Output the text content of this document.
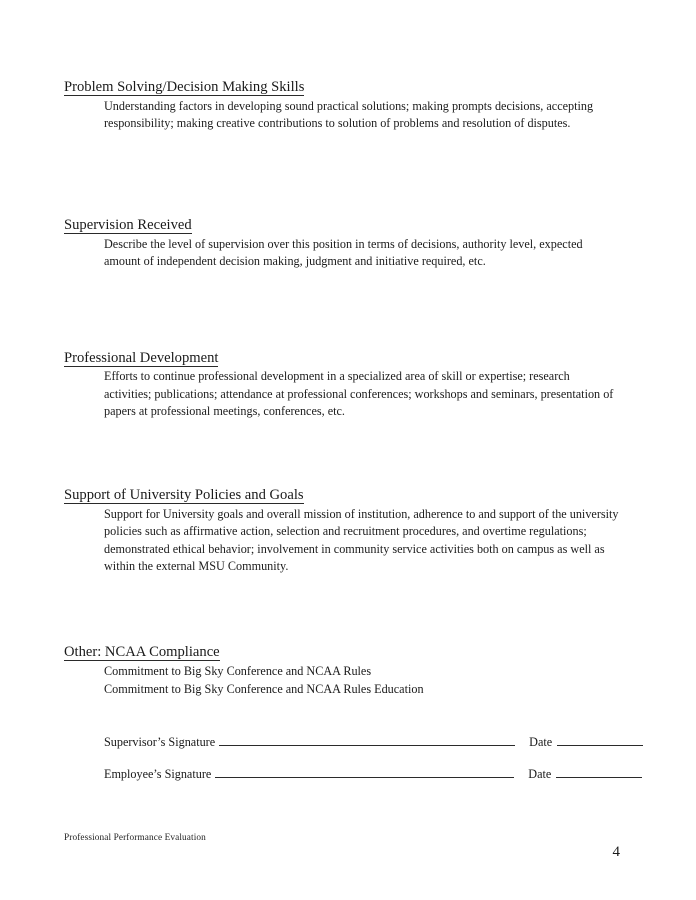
Problem Solving/Decision Making Skills

Understanding factors in developing sound practical solutions; making prompts decisions, accepting responsibility; making creative contributions to solution of problems and resolution of disputes.

Supervision Received

Describe the level of supervision over this position in terms of decisions, authority level, expected amount of independent decision making, judgment and initiative required, etc.

Professional Development

Efforts to continue professional development in a specialized area of skill or expertise; research activities; publications; attendance at professional conferences; workshops and seminars, presentation of papers at professional meetings, conferences, etc.

Support of University Policies and Goals

Support for University goals and overall mission of institution, adherence to and support of the university policies such as affirmative action, selection and recruitment procedures, and overtime regulations; demonstrated ethical behavior; involvement in community service activities both on campus as well as within the external MSU Community.

Other: NCAA Compliance
Commitment to Big Sky Conference and NCAA Rules
Commitment to Big Sky Conference and NCAA Rules Education
Supervisor’s Signature	Date
Employee’s Signature	Date
Professional Performance Evaluation
4
